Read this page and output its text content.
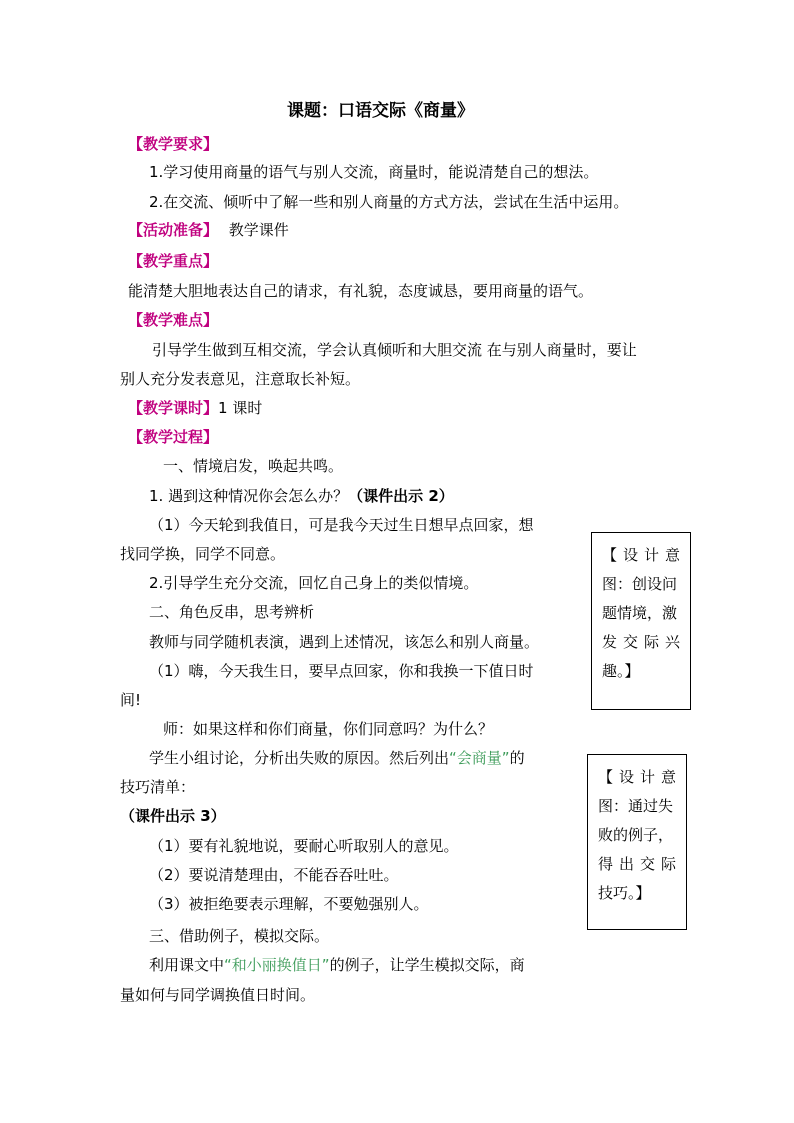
课题：口语交际《商量》
【教学要求】
1.学习使用商量的语气与别人交流，商量时，能说清楚自己的想法。
2.在交流、倾听中了解一些和别人商量的方式方法，尝试在生活中运用。
【活动准备】 教学课件
【教学重点】
能清楚大胆地表达自己的请求，有礼貌，态度诚恳，要用商量的语气。
【教学难点】
引导学生做到互相交流，学会认真倾听和大胆交流 在与别人商量时，要让
别人充分发表意见，注意取长补短。
【教学课时】1 课时
【教学过程】
一、情境启发，唤起共鸣。
1. 遇到这种情况你会怎么办？（课件出示 2）
（1）今天轮到我值日，可是我今天过生日想早点回家，想
找同学换，同学不同意。
2.引导学生充分交流，回忆自己身上的类似情境。
二、角色反串，思考辨析
教师与同学随机表演，遇到上述情况，该怎么和别人商量。
（1）嗨，今天我生日，要早点回家，你和我换一下值日时
间!
师：如果这样和你们商量，你们同意吗？为什么？
学生小组讨论，分析出失败的原因。然后列出“会商量”的
技巧清单：
（课件出示 3）
（1）要有礼貌地说，要耐心听取别人的意见。
（2）要说清楚理由，不能吞吞吐吐。
（3）被拒绝要表示理解，不要勉强别人。
三、借助例子，模拟交际。
利用课文中“和小丽换值日”的例子，让学生模拟交际，商
量如何与同学调换值日时间。

【设计意

图：创设问

题情境，激

发交际兴

趣。】

【设计意

图：通过失

败的例子，

得出交际

技巧。】
